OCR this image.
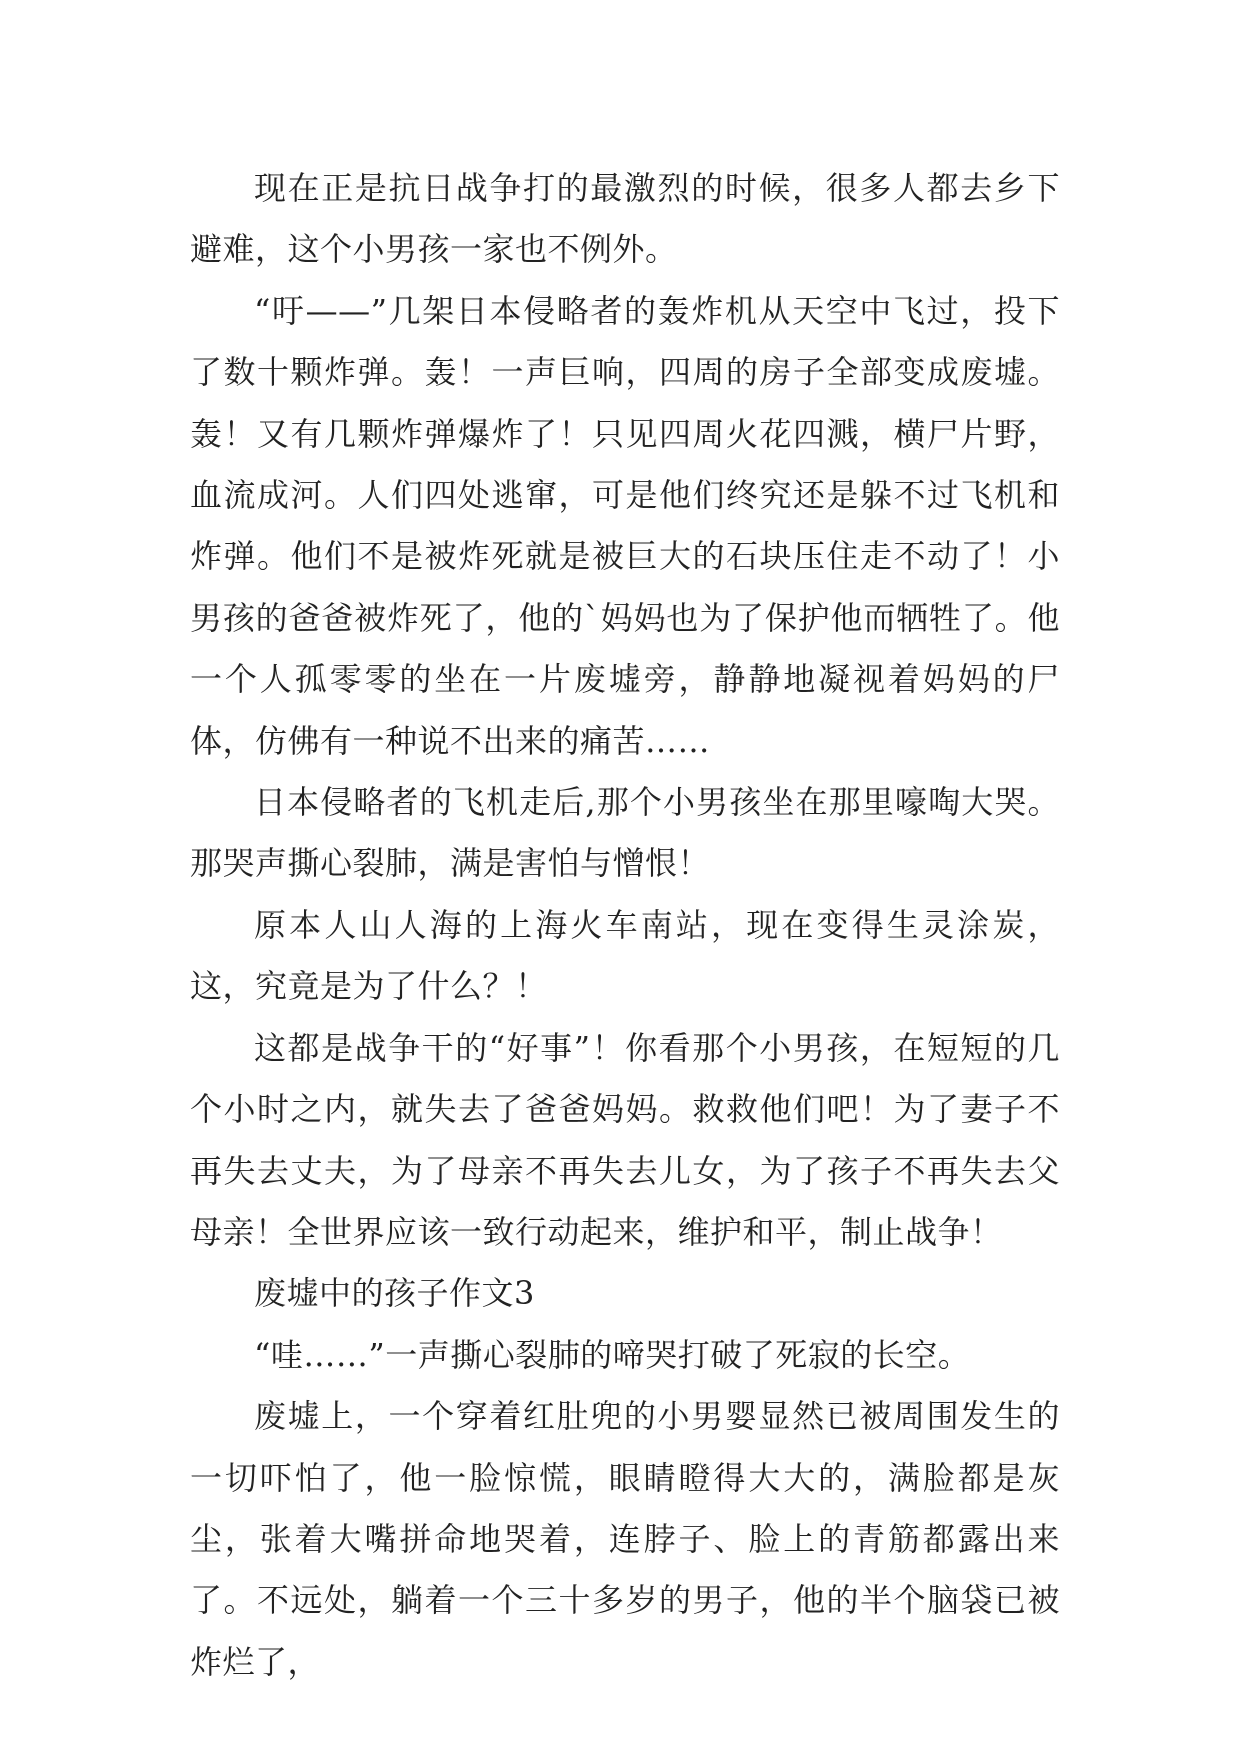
现在正是抗日战争打的最激烈的时候，很多人都去乡下避难，这个小男孩一家也不例外。

“吁——”几架日本侵略者的轰炸机从天空中飞过，投下了数十颗炸弹。轰！一声巨响，四周的房子全部变成废墟。轰！又有几颗炸弹爆炸了！只见四周火花四溅，横尸片野，血流成河。人们四处逃窜，可是他们终究还是躲不过飞机和炸弹。他们不是被炸死就是被巨大的石块压住走不动了！小男孩的爸爸被炸死了，他的`妈妈也为了保护他而牺牲了。他一个人孤零零的坐在一片废墟旁，静静地凝视着妈妈的尸体，仿佛有一种说不出来的痛苦……

日本侵略者的飞机走后,那个小男孩坐在那里嚎啕大哭。那哭声撕心裂肺，满是害怕与憎恨！

原本人山人海的上海火车南站，现在变得生灵涂炭，这，究竟是为了什么？！

这都是战争干的“好事”！你看那个小男孩，在短短的几个小时之内，就失去了爸爸妈妈。救救他们吧！为了妻子不再失去丈夫，为了母亲不再失去儿女，为了孩子不再失去父母亲！全世界应该一致行动起来，维护和平，制止战争！

废墟中的孩子作文3

“哇……”一声撕心裂肺的啼哭打破了死寂的长空。

废墟上，一个穿着红肚兜的小男婴显然已被周围发生的一切吓怕了，他一脸惊慌，眼睛瞪得大大的，满脸都是灰尘，张着大嘴拼命地哭着，连脖子、脸上的青筋都露出来了。不远处，躺着一个三十多岁的男子，他的半个脑袋已被炸烂了，
